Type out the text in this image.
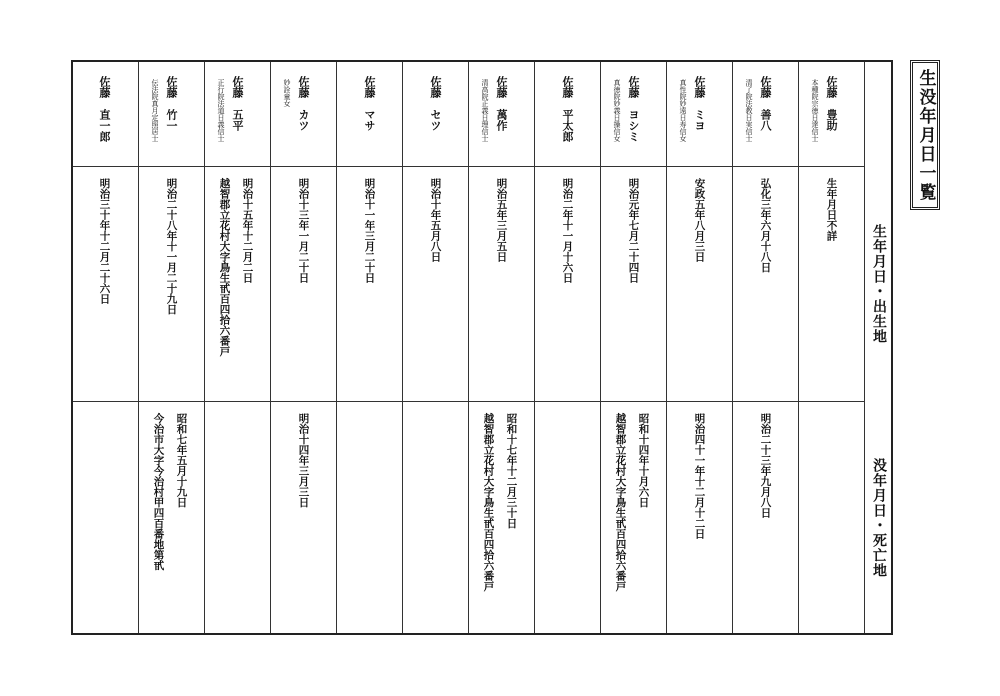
生没年月日一覧
生年月日・出生地
没年月日・死亡地
佐藤　豊助
本種院宗徳日達信士
生年月日不詳
佐藤　善八
清了院法教日実信士
弘化三年六月十八日
明治二十三年九月八日
佐藤　ミヨ
真性院妙遠日寿信女
安政五年八月三日
明治四十一年十二月十二日
佐藤　ヨシミ
真徳院妙義日操信女
明治元年七月二十四日
昭和十四年十月六日
越智郡立花村大字鳥生甙百四拾六番戸
佐藤　平太郎
明治二年十一月十六日
佐藤　萬作
清高院正義日理信士
明治五年三月五日
昭和十七年十二月三十日
越智郡立花村大字鳥生甙百四拾六番戸
佐藤　セツ
明治十年五月八日
佐藤　マサ
明治十一年三月二十日
佐藤　カツ
妙詮童女
明治十三年一月二十日
明治十四年三月三日
佐藤　五平
正行院法道日義信士
明治十五年十二月二日
越智郡立花村大字鳥生甙百四拾六番戸
佐藤　竹一
伝法院真月定照居士
明治二十八年十一月二十九日
昭和七年五月十九日
今治市大字今治村甲四百番地第甙
佐藤　直一郎
明治三十年十二月二十六日
